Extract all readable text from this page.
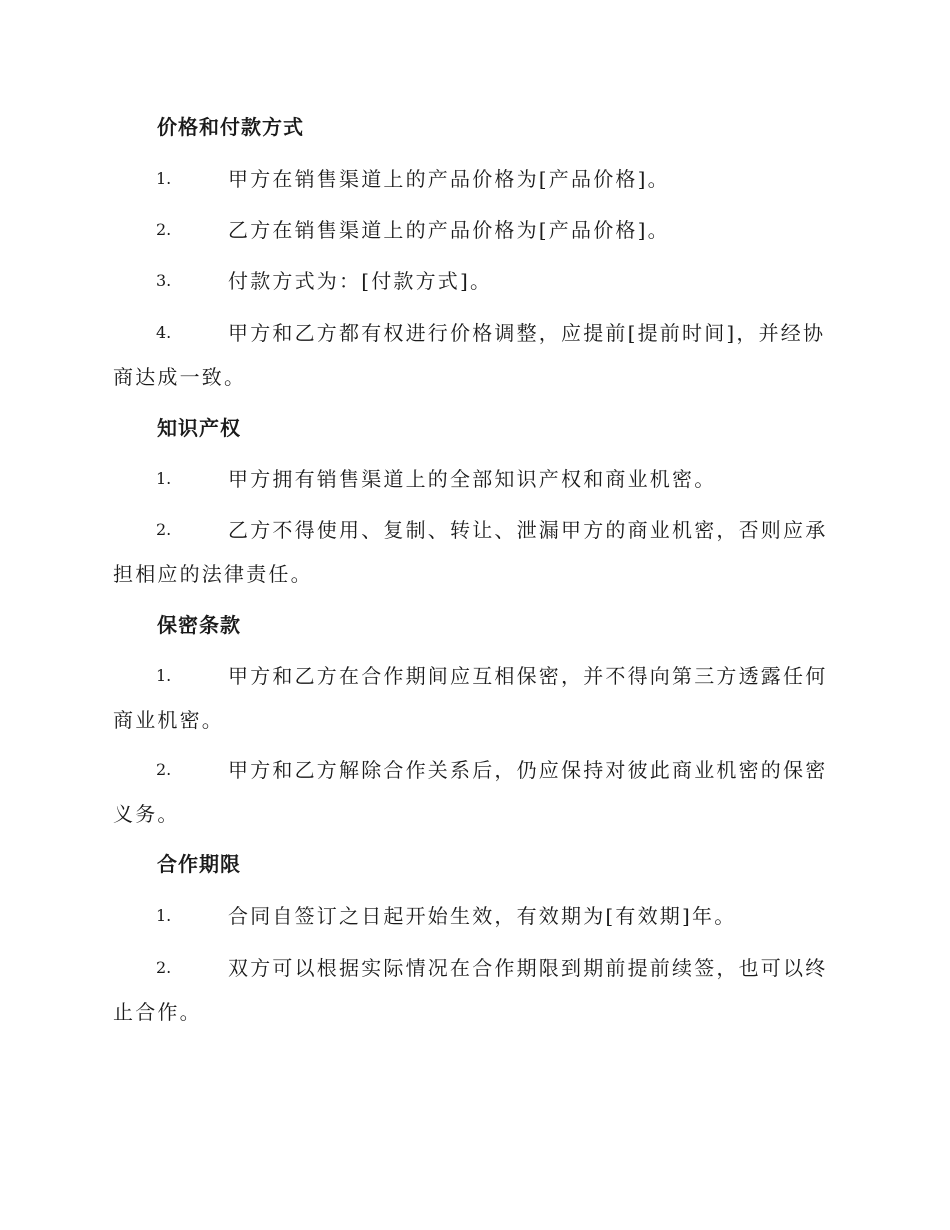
价格和付款方式
1.	甲方在销售渠道上的产品价格为[产品价格]。
2.	乙方在销售渠道上的产品价格为[产品价格]。
3.	付款方式为：[付款方式]。
4.	甲方和乙方都有权进行价格调整，应提前[提前时间]，并经协商达成一致。
知识产权
1.	甲方拥有销售渠道上的全部知识产权和商业机密。
2.	乙方不得使用、复制、转让、泄漏甲方的商业机密，否则应承担相应的法律责任。
保密条款
1.	甲方和乙方在合作期间应互相保密，并不得向第三方透露任何商业机密。
2.	甲方和乙方解除合作关系后，仍应保持对彼此商业机密的保密义务。
合作期限
1.	合同自签订之日起开始生效，有效期为[有效期]年。
2.	双方可以根据实际情况在合作期限到期前提前续签，也可以终止合作。
